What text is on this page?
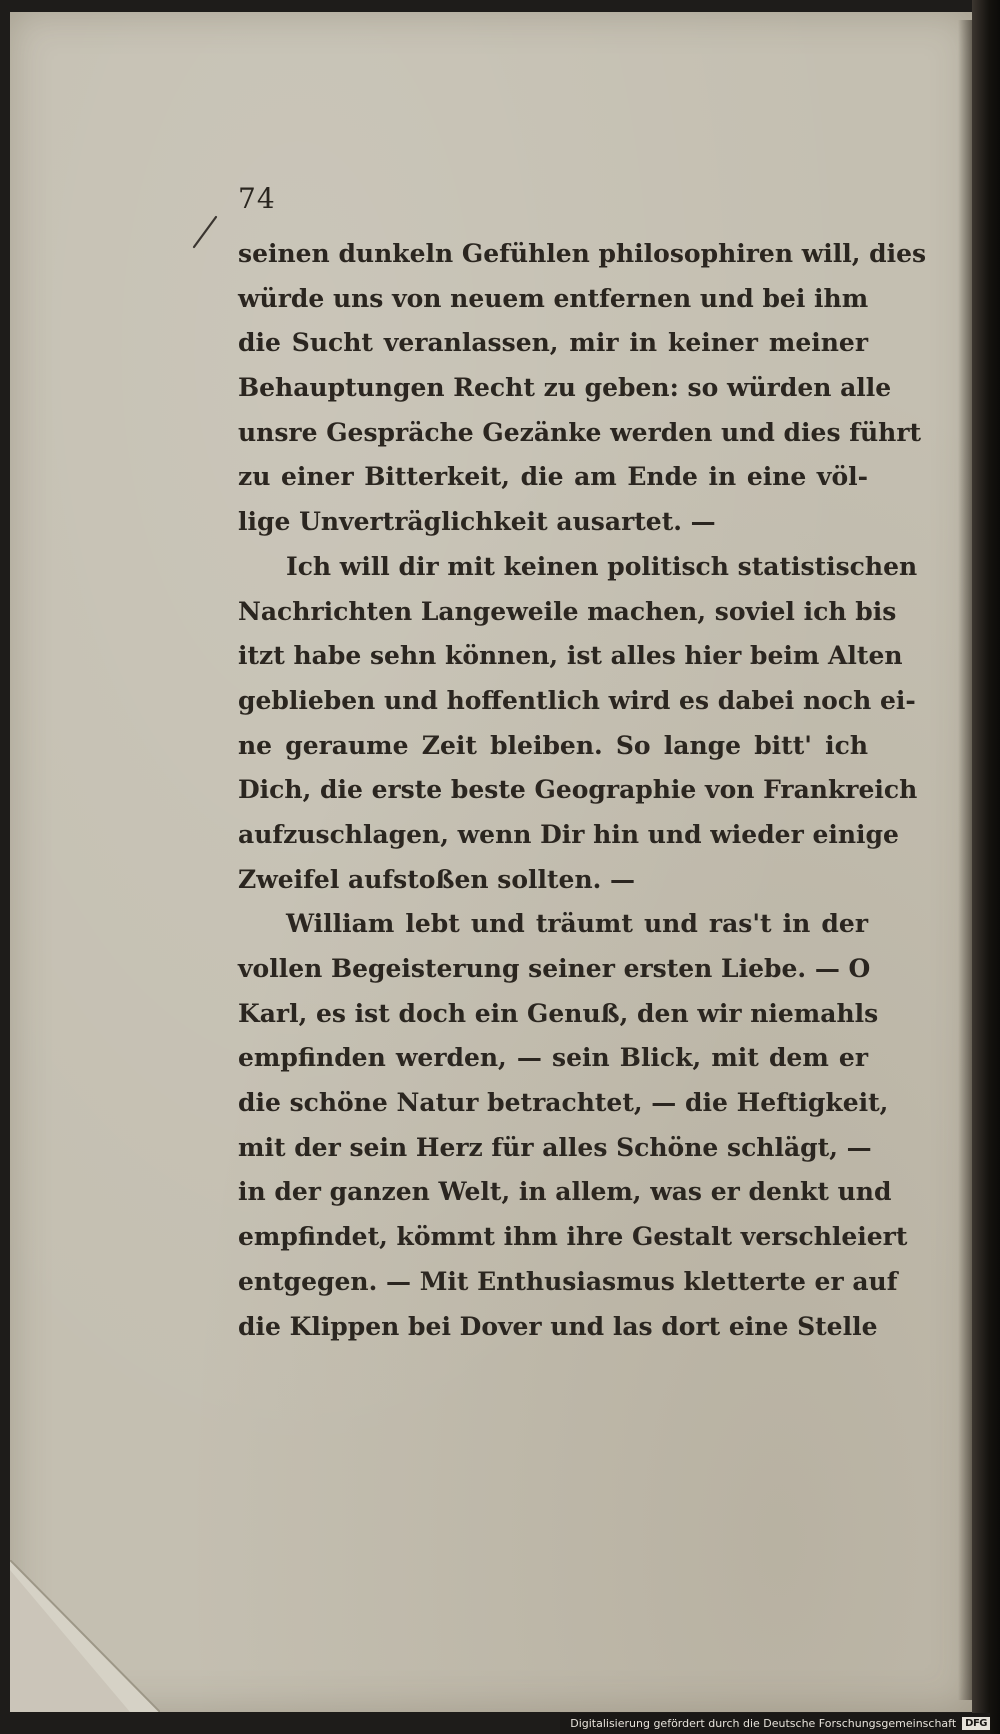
74
seinen dunkeln Gefühlen philosophiren will, dies
würde uns von neuem entfernen und bei ihm
die Sucht veranlassen, mir in keiner meiner
Behauptungen Recht zu geben: so würden alle
unsre Gespräche Gezänke werden und dies führt
zu einer Bitterkeit, die am Ende in eine völ-
lige Unverträglichkeit ausartet. —
Ich will dir mit keinen politisch statistischen
Nachrichten Langeweile machen, soviel ich bis
itzt habe sehn können, ist alles hier beim Alten
geblieben und hoffentlich wird es dabei noch ei-
ne geraume Zeit bleiben. So lange bitt' ich
Dich, die erste beste Geographie von Frankreich
aufzuschlagen, wenn Dir hin und wieder einige
Zweifel aufstoßen sollten. —
William lebt und träumt und ras't in der
vollen Begeisterung seiner ersten Liebe. — O
Karl, es ist doch ein Genuß, den wir niemahls
empfinden werden, — sein Blick, mit dem er
die schöne Natur betrachtet, — die Heftigkeit,
mit der sein Herz für alles Schöne schlägt, —
in der ganzen Welt, in allem, was er denkt und
empfindet, kömmt ihm ihre Gestalt verschleiert
entgegen. — Mit Enthusiasmus kletterte er auf
die Klippen bei Dover und las dort eine Stelle
Digitalisierung gefördert durch die Deutsche Forschungsgemeinschaft DFG
